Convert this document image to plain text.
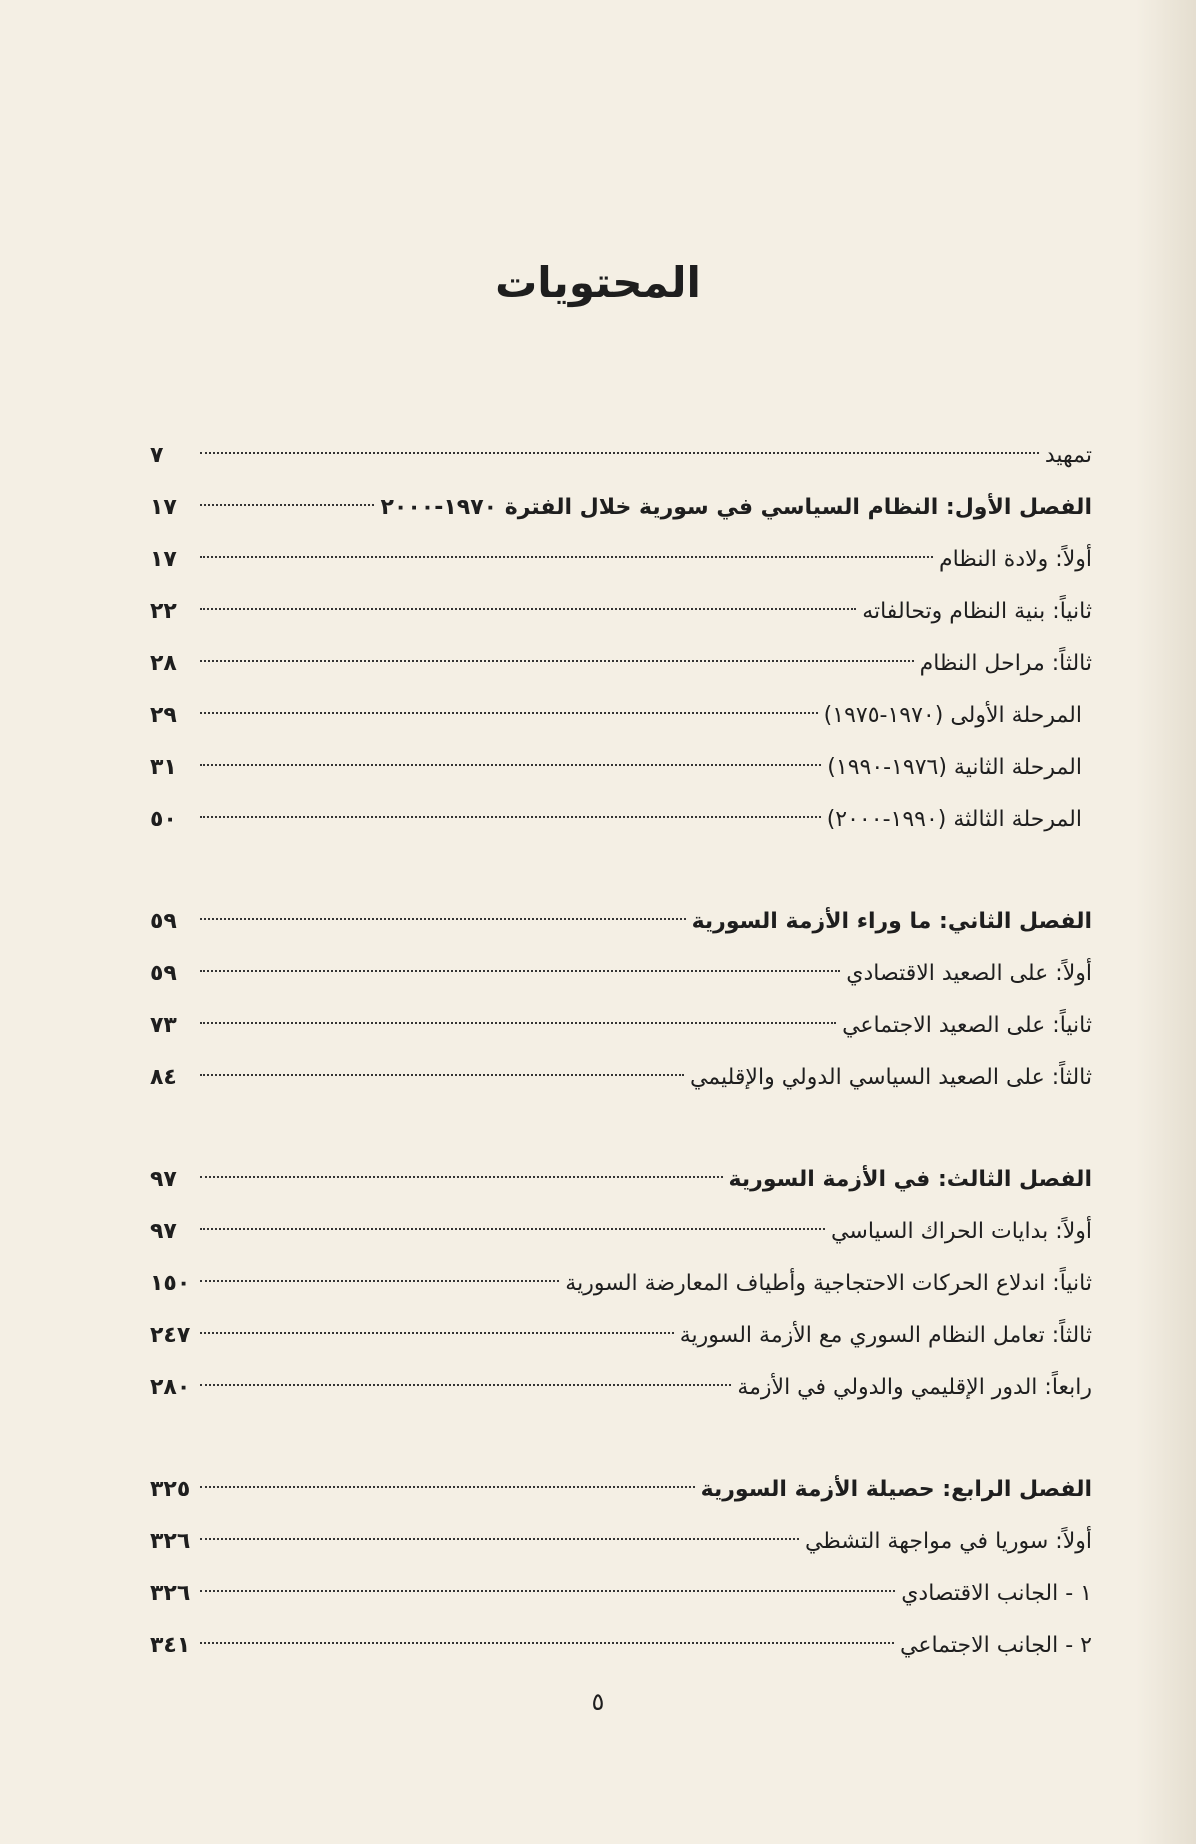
المحتويات
تمهيد
٧
الفصل الأول: النظام السياسي في سورية خلال الفترة ١٩٧٠-٢٠٠٠
١٧
أولاً: ولادة النظام
١٧
ثانياً: بنية النظام وتحالفاته
٢٢
ثالثاً: مراحل النظام
٢٨
المرحلة الأولى (١٩٧٠-١٩٧٥)
٢٩
المرحلة الثانية (١٩٧٦-١٩٩٠)
٣١
المرحلة الثالثة (١٩٩٠-٢٠٠٠)
٥٠
الفصل الثاني: ما وراء الأزمة السورية
٥٩
أولاً: على الصعيد الاقتصادي
٥٩
ثانياً: على الصعيد الاجتماعي
٧٣
ثالثاً: على الصعيد السياسي الدولي والإقليمي
٨٤
الفصل الثالث: في الأزمة السورية
٩٧
أولاً: بدايات الحراك السياسي
٩٧
ثانياً: اندلاع الحركات الاحتجاجية وأطياف المعارضة السورية
١٥٠
ثالثاً: تعامل النظام السوري مع الأزمة السورية
٢٤٧
رابعاً: الدور الإقليمي والدولي في الأزمة
٢٨٠
الفصل الرابع: حصيلة الأزمة السورية
٣٢٥
أولاً: سوريا في مواجهة التشظي
٣٢٦
١ - الجانب الاقتصادي
٣٢٦
٢ - الجانب الاجتماعي
٣٤١
٥
